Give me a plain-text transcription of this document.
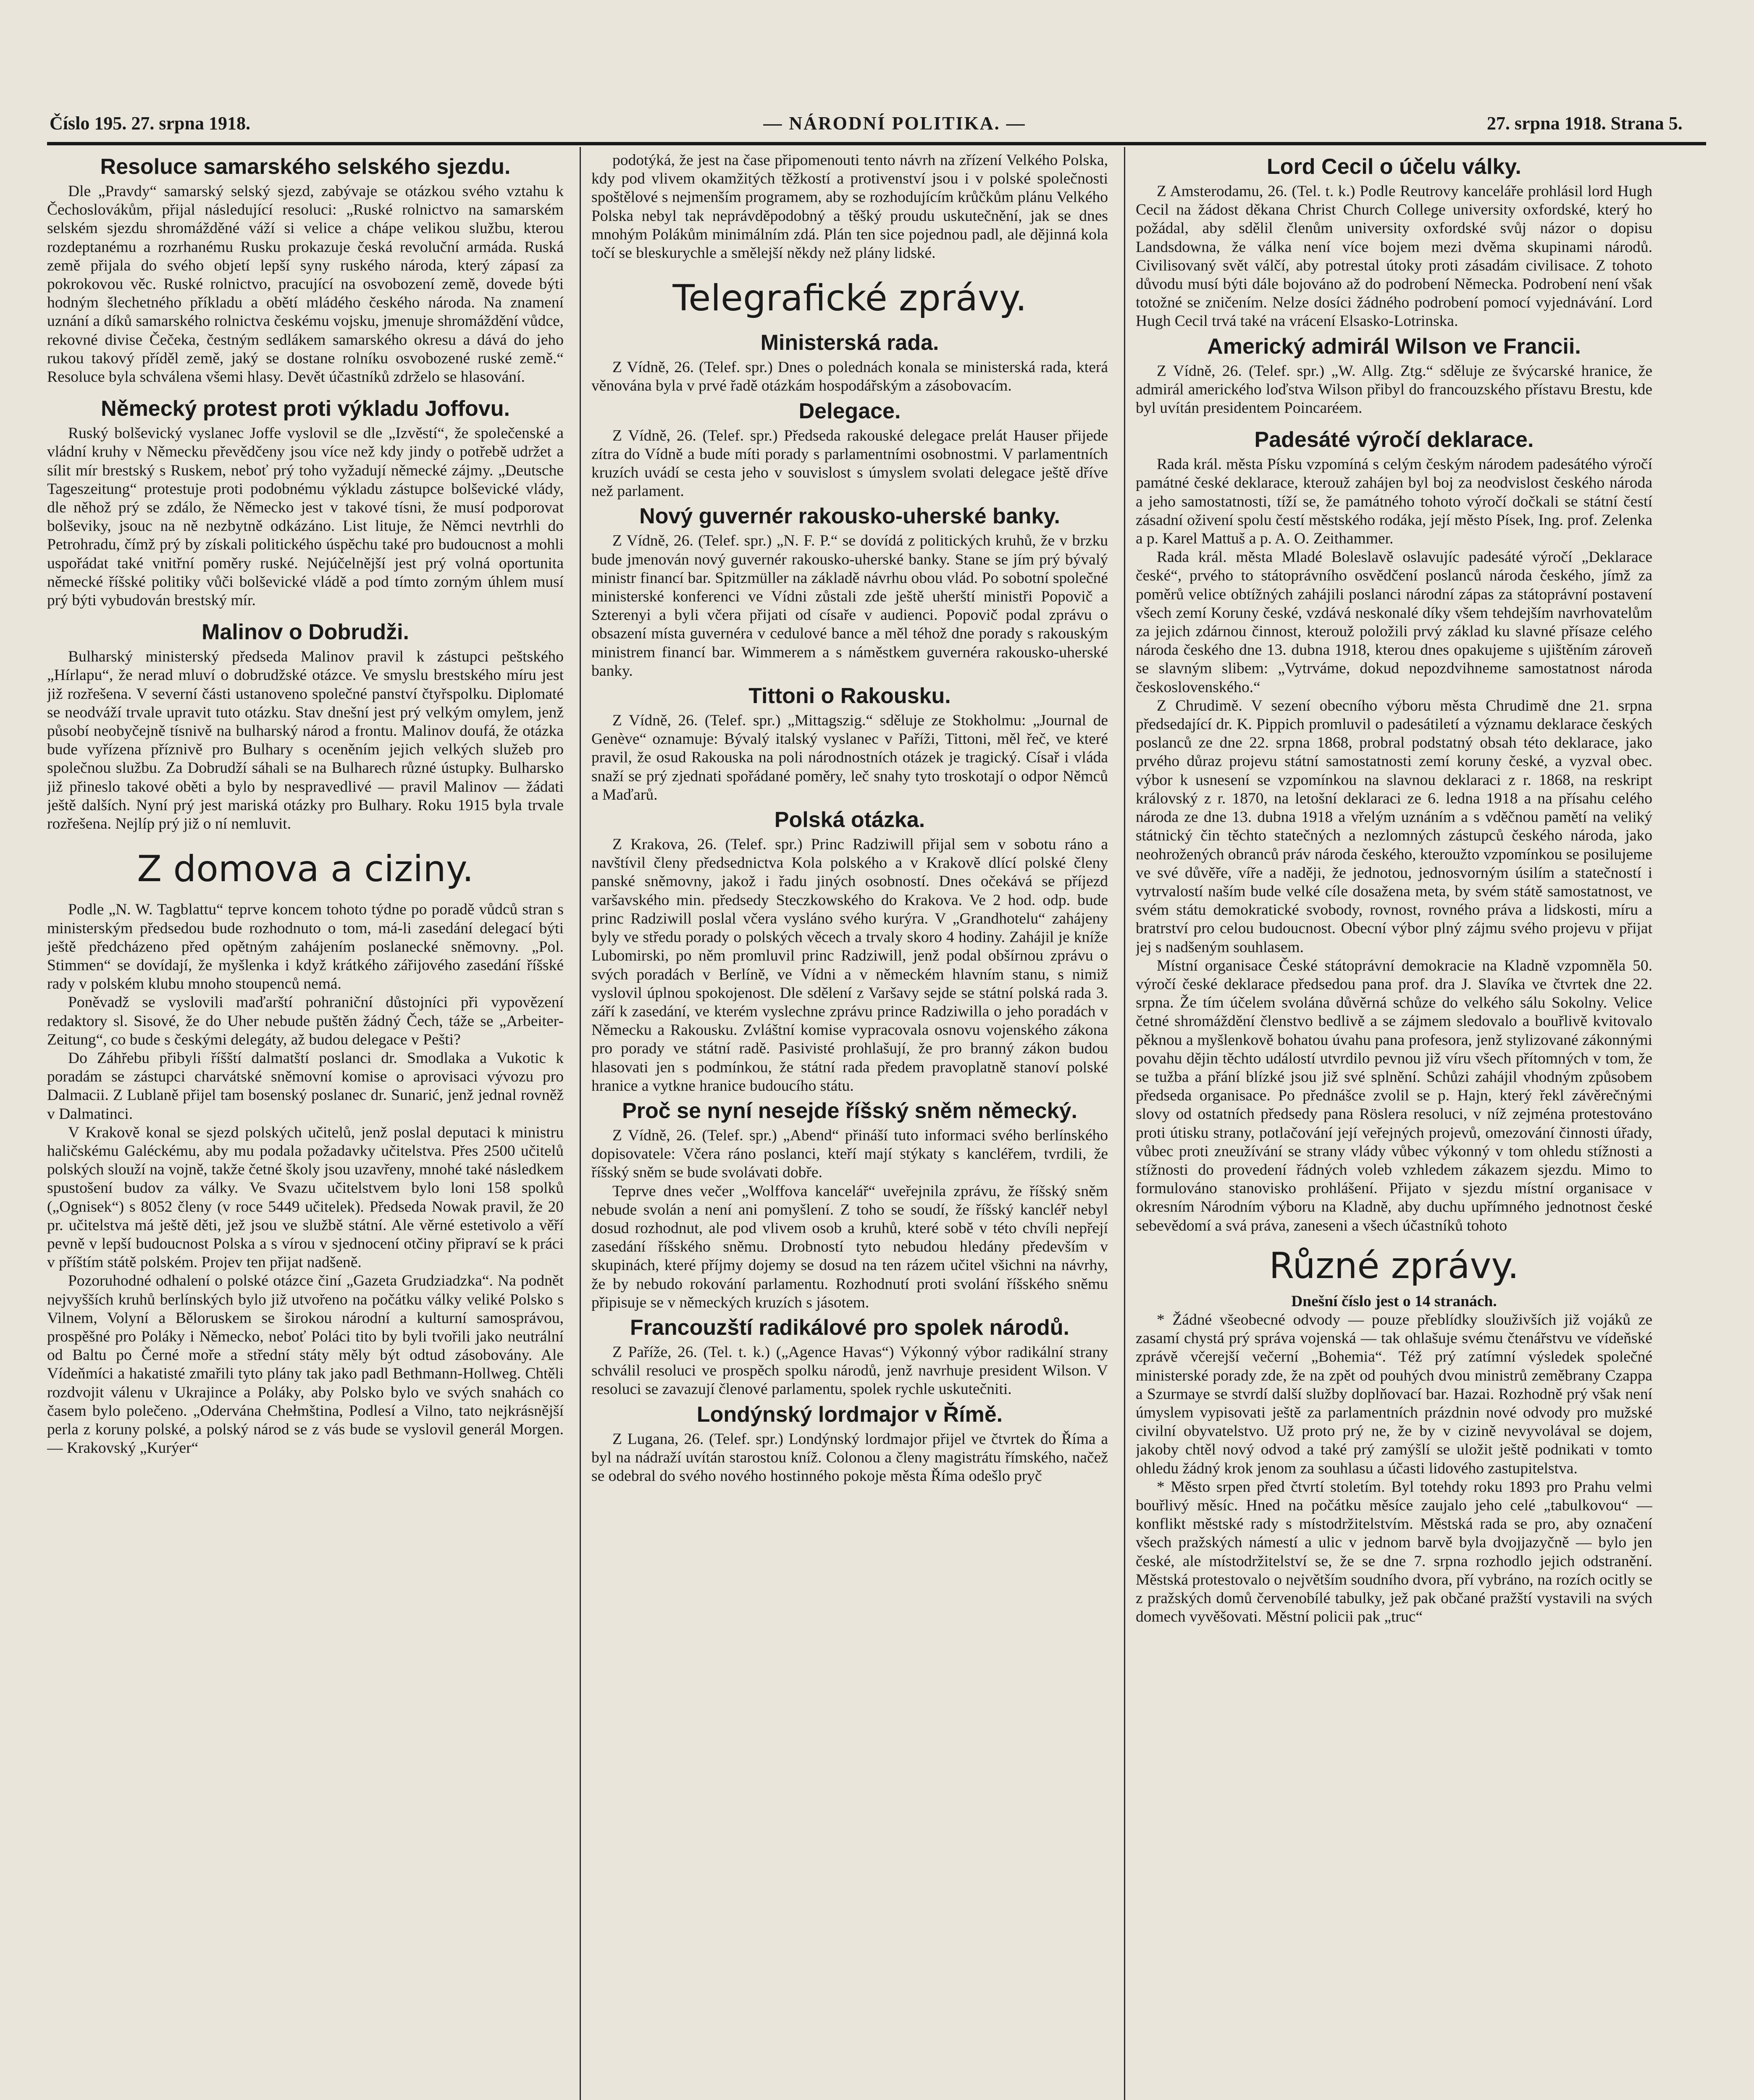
Číslo 195. 27. srpna 1918.	— NÁRODNÍ POLITIKA. —	27. srpna 1918. Strana 5.
Resoluce samarského selského sjezdu.

Dle „Pravdy“ samarský selský sjezd, zabývaje se otázkou svého vztahu k Čechoslovákům, přijal následující resoluci: „Ruské rolnictvo na samarském selském sjezdu shromážděné váží si velice a chápe velikou službu, kterou rozdeptanému a rozrhanému Rusku prokazuje česká revoluční armáda. Ruská země přijala do svého objetí lepší syny ruského národa, který zápasí za pokrokovou věc. Ruské rolnictvo, pracující na osvobození země, dovede býti hodným šlechetného příkladu a obětí mládého českého národa. Na znamení uznání a díků samarského rolnictva českému vojsku, jmenuje shromáždění vůdce, rekovné divise Čečeka, čestným sedlákem samarského okresu a dává do jeho rukou takový příděl země, jaký se dostane rolníku osvobozené ruské země.“ Resoluce byla schválena všemi hlasy. Devět účastníků zdrželo se hlasování.

Německý protest proti výkladu Joffovu.

Ruský bolševický vyslanec Joffe vyslovil se dle „Izvěstí“, že společenské a vládní kruhy v Německu převědčeny jsou více než kdy jindy o potřebě udržet a sílit mír brestský s Ruskem, neboť prý toho vyžadují německé zájmy. „Deutsche Tageszeitung“ protestuje proti podobnému výkladu zástupce bolševické vlády, dle něhož prý se zdálo, že Německo jest v takové tísni, že musí podporovat bolševiky, jsouc na ně nezbytně odkázáno. List lituje, že Němci nevtrhli do Petrohradu, čímž prý by získali politického úspěchu také pro budoucnost a mohli uspořádat také vnitřní poměry ruské. Nejúčelnější jest prý volná oportunita německé říšské politiky vůči bolševické vládě a pod tímto zorným úhlem musí prý býti vybudován brestský mír.

Malinov o Dobrudži.

Bulharský ministerský předseda Malinov pravil k zástupci peštského „Hírlapu“, že nerad mluví o dobrudžské otázce. Ve smyslu brestského míru jest již rozřešena. V severní části ustanoveno společné panství čtyřspolku. Diplomaté se neodváží trvale upravit tuto otázku. Stav dnešní jest prý velkým omylem, jenž působí neobyčejně tísnivě na bulharský národ a frontu. Malinov doufá, že otázka bude vyřízena příznivě pro Bulhary s oceněním jejich velkých služeb pro společnou službu. Za Dobrudží sáhali se na Bulharech různé ústupky. Bulharsko již přineslo takové oběti a bylo by nespravedlivé — pravil Malinov — žádati ještě dalších. Nyní prý jest mariská otázky pro Bulhary. Roku 1915 byla trvale rozřešena. Nejlíp prý již o ní nemluvit.

Z domova a ciziny.

Podle „N. W. Tagblattu“ teprve koncem tohoto týdne po poradě vůdců stran s ministerským předsedou bude rozhodnuto o tom, má-li zasedání delegací býti ještě předcházeno před opětným zahájením poslanecké sněmovny. „Pol. Stimmen“ se dovídají, že myšlenka i když krátkého zářijového zasedání říšské rady v polském klubu mnoho stoupenců nemá.

Poněvadž se vyslovili maďarští pohraniční důstojníci při vypovězení redaktory sl. Sisové, že do Uher nebude puštěn žádný Čech, táže se „Arbeiter-Zeitung“, co bude s českými delegáty, až budou delegace v Pešti?

Do Záhřebu přibyli říšští dalmatští poslanci dr. Smodlaka a Vukotic k poradám se zástupci charvátské sněmovní komise o aprovisaci vývozu pro Dalmacii. Z Lublaně přijel tam bosenský poslanec dr. Sunarić, jenž jednal rovněž v Dalmatinci.

V Krakově konal se sjezd polských učitelů, jenž poslal deputaci k ministru haličskému Galéckému, aby mu podala požadavky učitelstva. Přes 2500 učitelů polských slouží na vojně, takže četné školy jsou uzavřeny, mnohé také následkem spustošení budov za války. Ve Svazu učitelstvem bylo loni 158 spolků („Ognisek“) s 8052 členy (v roce 5449 učitelek). Předseda Nowak pravil, že 20 pr. učitelstva má ještě děti, jež jsou ve službě státní. Ale věrné estetivolo a věří pevně v lepší budoucnost Polska a s vírou v sjednocení otčiny připraví se k práci v příštím státě polském. Projev ten přijat nadšeně.

Pozoruhodné odhalení o polské otázce činí „Gazeta Grudziadzka“. Na podnět nejvyšších kruhů berlínských bylo již utvořeno na počátku války veliké Polsko s Vilnem, Volyní a Běloruskem se širokou národní a kulturní samosprávou, prospěšné pro Poláky i Německo, neboť Poláci tito by byli tvořili jako neutrální od Baltu po Černé moře a střední státy měly být odtud zásobovány. Ale Vídeňmíci a hakatisté zmařili tyto plány tak jako padl Bethmann-Hollweg. Chtěli rozdvojit válenu v Ukrajince a Poláky, aby Polsko bylo ve svých snahách co časem bylo polečeno. „Odervána Chełmština, Podlesí a Vilno, tato nejkrásnější perla z koruny polské, a polský národ se z vás bude se vyslovil generál Morgen. — Krakovský „Kurýer“

podotýká, že jest na čase připomenouti tento návrh na zřízení Velkého Polska, kdy pod vlivem okamžitých těžkostí a protivenství jsou i v polské společnosti spoštělové s nejmenším programem, aby se rozhodujícím krůčkům plánu Velkého Polska nebyl tak neprávděpodobný a těšký proudu uskutečnění, jak se dnes mnohým Polákům minimálním zdá. Plán ten sice pojednou padl, ale dějinná kola točí se bleskurychle a smělejší někdy než plány lidské.

Telegrafické zprávy.
Ministerská rada.

Z Vídně, 26. (Telef. spr.) Dnes o polednách konala se ministerská rada, která věnována byla v prvé řadě otázkám hospodářským a zásobovacím.

Delegace.

Z Vídně, 26. (Telef. spr.) Předseda rakouské delegace prelát Hauser přijede zítra do Vídně a bude míti porady s parlamentními osobnostmi. V parlamentních kruzích uvádí se cesta jeho v souvislost s úmyslem svolati delegace ještě dříve než parlament.

Nový guvernér rakousko-uherské banky.

Z Vídně, 26. (Telef. spr.) „N. F. P.“ se dovídá z politických kruhů, že v brzku bude jmenován nový guvernér rakousko-uherské banky. Stane se jím prý bývalý ministr financí bar. Spitzmüller na základě návrhu obou vlád. Po sobotní společné ministerské konferenci ve Vídni zůstali zde ještě uherští ministři Popovič a Szterenyi a byli včera přijati od císaře v audienci. Popovič podal zprávu o obsazení místa guvernéra v cedulové bance a měl téhož dne porady s rakouským ministrem financí bar. Wimmerem a s náměstkem guvernéra rakousko-uherské banky.

Tittoni o Rakousku.

Z Vídně, 26. (Telef. spr.) „Mittagszig.“ sděluje ze Stokholmu: „Journal de Genève“ oznamuje: Bývalý italský vyslanec v Paříži, Tittoni, měl řeč, ve které pravil, že osud Rakouska na poli národnostních otázek je tragický. Císař i vláda snaží se prý zjednati spořádané poměry, leč snahy tyto troskotají o odpor Němců a Maďarů.

Polská otázka.

Z Krakova, 26. (Telef. spr.) Princ Radziwill přijal sem v sobotu ráno a navštívil členy předsednictva Kola polského a v Krakově dlící polské členy panské sněmovny, jakož i řadu jiných osobností. Dnes očekává se příjezd varšavského min. předsedy Steczkowského do Krakova. Ve 2 hod. odp. bude princ Radziwill poslal včera vysláno svého kurýra. V „Grandhotelu“ zahájeny byly ve středu porady o polských věcech a trvaly skoro 4 hodiny. Zahájil je kníže Lubomirski, po něm promluvil princ Radziwill, jenž podal obšírnou zprávu o svých poradách v Berlíně, ve Vídni a v německém hlavním stanu, s nimiž vyslovil úplnou spokojenost. Dle sdělení z Varšavy sejde se státní polská rada 3. září k zasedání, ve kterém vyslechne zprávu prince Radziwilla o jeho poradách v Německu a Rakousku. Zvláštní komise vypracovala osnovu vojenského zákona pro porady ve státní radě. Pasivisté prohlašují, že pro branný zákon budou hlasovati jen s podmínkou, že státní rada předem pravoplatně stanoví polské hranice a vytkne hranice budoucího státu.

Proč se nyní nesejde říšský sněm německý.

Z Vídně, 26. (Telef. spr.) „Abend“ přináší tuto informaci svého berlínského dopisovatele: Včera ráno poslanci, kteří mají stýkaty s kancléřem, tvrdili, že říšský sněm se bude svolávati dobře.

Teprve dnes večer „Wolffova kancelář“ uveřejnila zprávu, že říšský sněm nebude svolán a není ani pomyšlení. Z toho se soudí, že říšský kancléř nebyl dosud rozhodnut, ale pod vlivem osob a kruhů, které sobě v této chvíli nepřejí zasedání říšského sněmu. Drobností tyto nebudou hledány především v skupinách, které příjmy dojemy se dosud na ten rázem učitel všichni na návrhy, že by nebudo rokování parlamentu. Rozhodnutí proti svolání říšského sněmu připisuje se v německých kruzích s jásotem.

Francouzští radikálové pro spolek národů.

Z Paříže, 26. (Tel. t. k.) („Agence Havas“) Výkonný výbor radikální strany schválil resoluci ve prospěch spolku národů, jenž navrhuje president Wilson. V resoluci se zavazují členové parlamentu, spolek rychle uskutečniti.

Londýnský lordmajor v Římě.

Z Lugana, 26. (Telef. spr.) Londýnský lordmajor přijel ve čtvrtek do Říma a byl na nádraží uvítán starostou kníž. Colonou a členy magistrátu římského, načež se odebral do svého nového hostinného pokoje města Říma odešlo pryč

Lord Cecil o účelu války.

Z Amsterodamu, 26. (Tel. t. k.) Podle Reutrovy kanceláře prohlásil lord Hugh Cecil na žádost děkana Christ Church College university oxfordské, který ho požádal, aby sdělil členům university oxfordské svůj názor o dopisu Landsdowna, že válka není více bojem mezi dvěma skupinami národů. Civilisovaný svět válčí, aby potrestal útoky proti zásadám civilisace. Z tohoto důvodu musí býti dále bojováno až do podrobení Německa. Podrobení není však totožné se zničením. Nelze dosíci žádného podrobení pomocí vyjednávání. Lord Hugh Cecil trvá také na vrácení Elsasko-Lotrinska.

Americký admirál Wilson ve Francii.

Z Vídně, 26. (Telef. spr.) „W. Allg. Ztg.“ sděluje ze švýcarské hranice, že admirál amerického loďstva Wilson přibyl do francouzského přístavu Brestu, kde byl uvítán presidentem Poincaréem.

Padesáté výročí deklarace.

Rada král. města Písku vzpomíná s celým českým národem padesátého výročí památné české deklarace, kterouž zahájen byl boj za neodvislost českého národa a jeho samostatnosti, tíží se, že památného tohoto výročí dočkali se státní čestí zásadní oživení spolu čestí městského rodáka, její město Písek, Ing. prof. Zelenka a p. Karel Mattuš a p. A. O. Zeithammer.

Rada král. města Mladé Boleslavě oslavujíc padesáté výročí „Deklarace české“, prvého to státoprávního osvědčení poslanců národa českého, jímž za poměrů velice obtížných zahájili poslanci národní zápas za státoprávní postavení všech zemí Koruny české, vzdává neskonalé díky všem tehdejším navrhovatelům za jejich zdárnou činnost, kterouž položili prvý základ ku slavné přísaze celého národa českého dne 13. dubna 1918, kterou dnes opakujeme s ujištěním zároveň se slavným slibem: „Vytrváme, dokud nepozdvihneme samostatnost národa československého.“

Z Chrudimě. V sezení obecního výboru města Chrudimě dne 21. srpna předsedající dr. K. Pippich promluvil o padesátiletí a významu deklarace českých poslanců ze dne 22. srpna 1868, probral podstatný obsah této deklarace, jako prvého důraz projevu státní samostatnosti zemí koruny české, a vyzval obec. výbor k usnesení se vzpomínkou na slavnou deklaraci z r. 1868, na reskript královský z r. 1870, na letošní deklaraci ze 6. ledna 1918 a na přísahu celého národa ze dne 13. dubna 1918 a vřelým uznáním a s vděčnou pamětí na veliký státnický čin těchto statečných a nezlomných zástupců českého národa, jako neohrožených obranců práv národa českého, kteroužto vzpomínkou se posilujeme ve své důvěře, víře a naději, že jednotou, jednosvorným úsilím a statečností i vytrvalostí naším bude velké cíle dosažena meta, by svém státě samostatnost, ve svém státu demokratické svobody, rovnost, rovného práva a lidskosti, míru a bratrství pro celou budoucnost. Obecní výbor plný zájmu svého projevu v přijat jej s nadšeným souhlasem.

Místní organisace České státoprávní demokracie na Kladně vzpomněla 50. výročí české deklarace předsedou pana prof. dra J. Slavíka ve čtvrtek dne 22. srpna. Že tím účelem svolána důvěrná schůze do velkého sálu Sokolny. Velice četné shromáždění členstvo bedlivě a se zájmem sledovalo a bouřlivě kvitovalo pěknou a myšlenkově bohatou úvahu pana profesora, jenž stylizované zákonnými povahu dějin těchto událostí utvrdilo pevnou již víru všech přítomných v tom, že se tužba a přání blízké jsou již své splnění. Schůzi zahájil vhodným způsobem předseda organisace. Po přednášce zvolil se p. Hajn, který řekl závěrečnými slovy od ostatních předsedy pana Röslera resoluci, v níž zejména protestováno proti útisku strany, potlačování její veřejných projevů, omezování činnosti úřady, vůbec proti zneužívání se strany vlády vůbec výkonný v tom ohledu stížnosti a stížnosti do provedení řádných voleb vzhledem zákazem sjezdu. Mimo to formulováno stanovisko prohlášení. Přijato v sjezdu místní organisace v okresním Národním výboru na Kladně, aby duchu upřímného jednotnost české sebevědomí a svá práva, zaneseni a všech účastníků tohoto

Různé zprávy.

Dnešní číslo jest o 14 stranách.

* Žádné všeobecné odvody — pouze přeblídky slouživších již vojáků ze zasamí chystá prý správa vojenská — tak ohlašuje svému čtenářstvu ve vídeňské zprávě včerejší večerní „Bohemia“. Též prý zatímní výsledek společné ministerské porady zde, že na zpět od pouhých dvou ministrů zeměbrany Czappa a Szurmaye se stvrdí další služby doplňovací bar. Hazai. Rozhodně prý však není úmyslem vypisovati ještě za parlamentních prázdnin nové odvody pro mužské civilní obyvatelstvo. Už proto prý ne, že by v cizině nevyvolával se dojem, jakoby chtěl nový odvod a také prý zamýšlí se uložit ještě podnikati v tomto ohledu žádný krok jenom za souhlasu a účasti lidového zastupitelstva.

* Město srpen před čtvrtí stoletím. Byl totehdy roku 1893 pro Prahu velmi bouřlivý měsíc. Hned na počátku měsíce zaujalo jeho celé „tabulkovou“ — konflikt městské rady s místodržitelstvím. Městská rada se pro, aby označení všech pražských námestí a ulic v jednom barvě byla dvojjazyčně — bylo jen české, ale místodržitelství se, že se dne 7. srpna rozhodlo jejich odstranění. Městská protestovalo o největším soudního dvora, pří vybráno, na rozích ocitly se z pražských domů červenobílé tabulky, jež pak občané pražští vystavili na svých domech vyvěšovati. Městní policii pak „truc“
